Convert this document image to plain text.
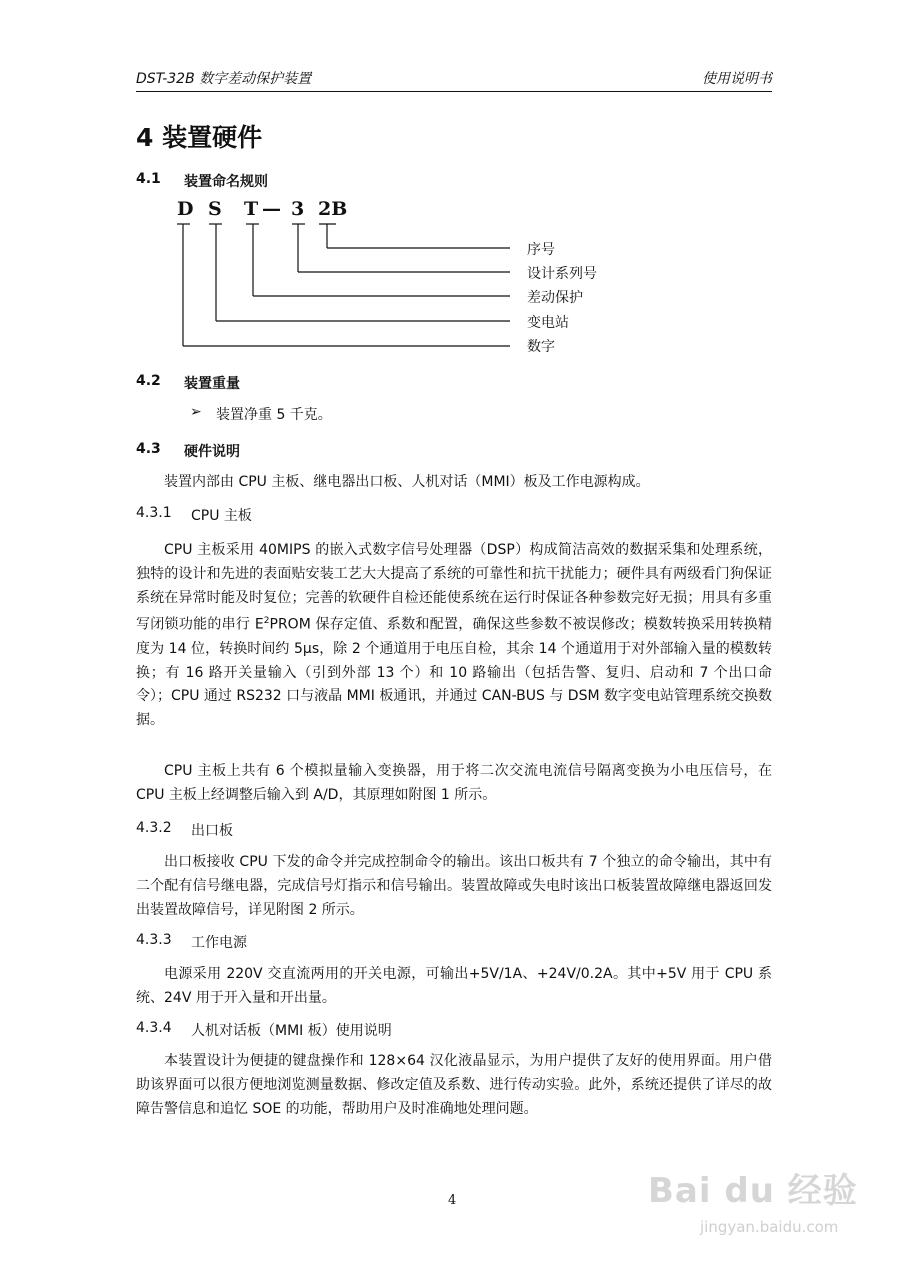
DST-32B 数字差动保护装置	使用说明书
4 装置硬件
4.1 装置命名规则
D S T — 3 2B
序号
设计系列号
差动保护
变电站
数字
4.2 装置重量
➢ 装置净重 5 千克。
4.3 硬件说明

装置内部由 CPU 主板、继电器出口板、人机对话（MMI）板及工作电源构成。

4.3.1 CPU 主板

CPU 主板采用 40MIPS 的嵌入式数字信号处理器（DSP）构成简洁高效的数据采集和处理系统，独特的设计和先进的表面贴安装工艺大大提高了系统的可靠性和抗干扰能力；硬件具有两级看门狗保证系统在异常时能及时复位；完善的软硬件自检还能使系统在运行时保证各种参数完好无损；用具有多重写闭锁功能的串行 $E^2PROM$ 保存定值、系数和配置，确保这些参数不被误修改；模数转换采用转换精度为 14 位，转换时间约 5μs，除 2 个通道用于电压自检，其余 14 个通道用于对外部输入量的模数转换；有 16 路开关量输入（引到外部 13 个）和 10 路输出（包括告警、复归、启动和 7 个出口命令）；CPU 通过 RS232 口与液晶 MMI 板通讯，并通过 CAN-BUS 与 DSM 数字变电站管理系统交换数据。

CPU 主板上共有 6 个模拟量输入变换器，用于将二次交流电流信号隔离变换为小电压信号，在 CPU 主板上经调整后输入到 A/D，其原理如附图 1 所示。

4.3.2 出口板

出口板接收 CPU 下发的命令并完成控制命令的输出。该出口板共有 7 个独立的命令输出，其中有二个配有信号继电器，完成信号灯指示和信号输出。装置故障或失电时该出口板装置故障继电器返回发出装置故障信号，详见附图 2 所示。

4.3.3 工作电源

电源采用 220V 交直流两用的开关电源，可输出+5V/1A、+24V/0.2A。其中+5V 用于 CPU 系统、24V 用于开入量和开出量。

4.3.4 人机对话板（MMI 板）使用说明

本装置设计为便捷的键盘操作和 128×64 汉化液晶显示，为用户提供了友好的使用界面。用户借助该界面可以很方便地浏览测量数据、修改定值及系数、进行传动实验。此外，系统还提供了详尽的故障告警信息和追忆 SOE 的功能，帮助用户及时准确地处理问题。

4	Bai du 经验
jingyan.baidu.com
